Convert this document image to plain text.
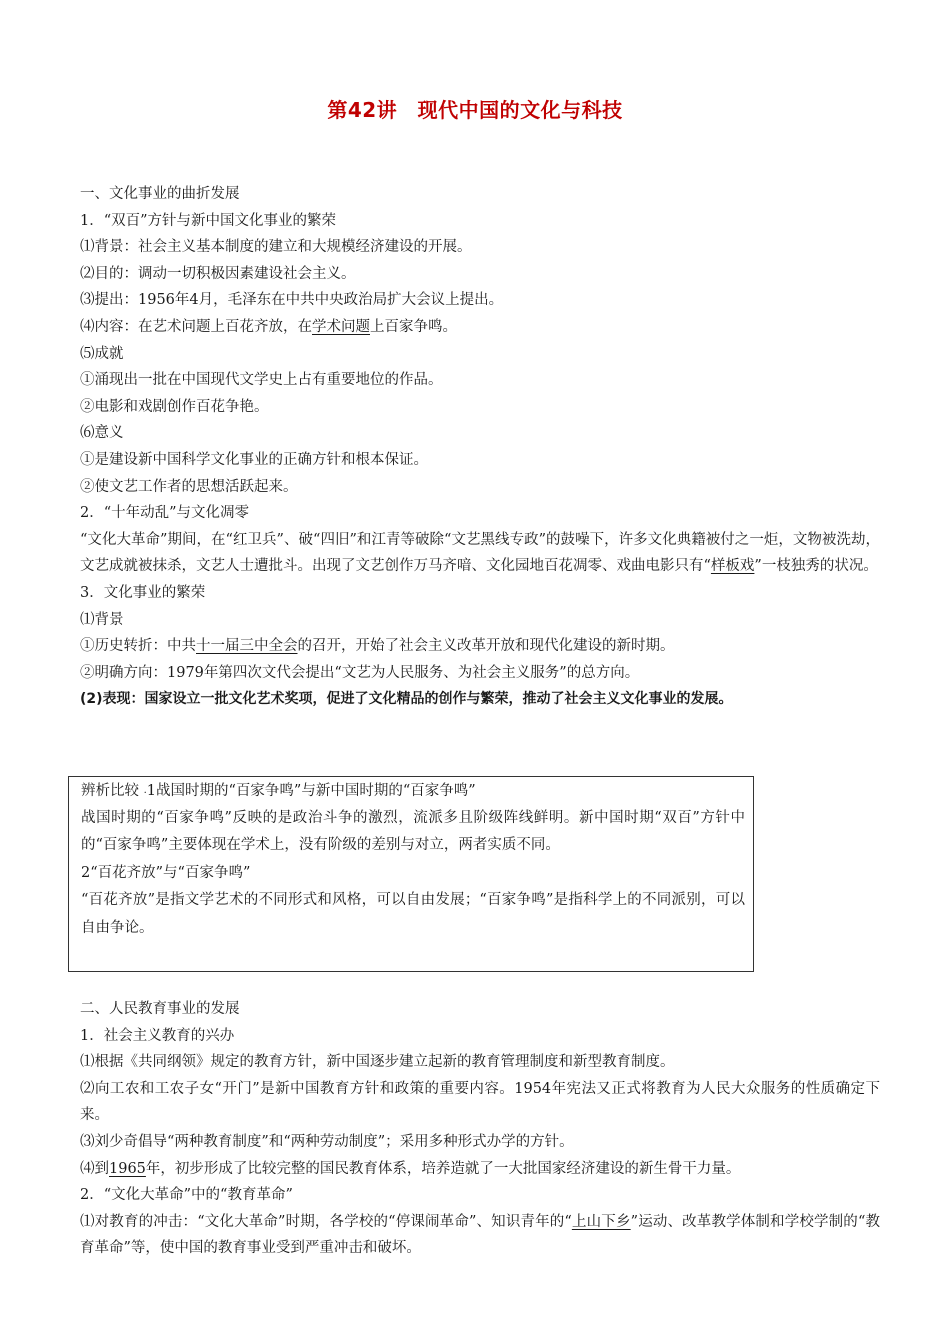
第42讲　现代中国的文化与科技
一、文化事业的曲折发展
1．“双百”方针与新中国文化事业的繁荣
⑴背景：社会主义基本制度的建立和大规模经济建设的开展。
⑵目的：调动一切积极因素建设社会主义。
⑶提出：1956年4月，毛泽东在中共中央政治局扩大会议上提出。
⑷内容：在艺术问题上百花齐放，在学术问题上百家争鸣。
⑸成就
①涌现出一批在中国现代文学史上占有重要地位的作品。
②电影和戏剧创作百花争艳。
⑹意义
①是建设新中国科学文化事业的正确方针和根本保证。
②使文艺工作者的思想活跃起来。
2．“十年动乱”与文化凋零
“文化大革命”期间，在“红卫兵”、破“四旧”和江青等破除“文艺黑线专政”的鼓噪下，许多文化典籍被付之一炬，文物被洗劫，文艺成就被抹杀，文艺人士遭批斗。出现了文艺创作万马齐喑、文化园地百花凋零、戏曲电影只有“样板戏”一枝独秀的状况。
3．文化事业的繁荣
⑴背景
①历史转折：中共十一届三中全会的召开，开始了社会主义改革开放和现代化建设的新时期。
②明确方向：1979年第四次文代会提出“文艺为人民服务、为社会主义服务”的总方向。
(2)表现：国家设立一批文化艺术奖项，促进了文化精品的创作与繁荣，推动了社会主义文化事业的发展。
辨析比较 .1战国时期的“百家争鸣”与新中国时期的“百家争鸣”
战国时期的“百家争鸣”反映的是政治斗争的激烈，流派多且阶级阵线鲜明。新中国时期“双百”方针中的“百家争鸣”主要体现在学术上，没有阶级的差别与对立，两者实质不同。
2“百花齐放”与“百家争鸣”
“百花齐放”是指文学艺术的不同形式和风格，可以自由发展；“百家争鸣”是指科学上的不同派别，可以自由争论。
二、人民教育事业的发展
1．社会主义教育的兴办
⑴根据《共同纲领》规定的教育方针，新中国逐步建立起新的教育管理制度和新型教育制度。
⑵向工农和工农子女“开门”是新中国教育方针和政策的重要内容。1954年宪法又正式将教育为人民大众服务的性质确定下来。
⑶刘少奇倡导“两种教育制度”和“两种劳动制度”；采用多种形式办学的方针。
⑷到1965年，初步形成了比较完整的国民教育体系，培养造就了一大批国家经济建设的新生骨干力量。
2．“文化大革命”中的“教育革命”
⑴对教育的冲击：“文化大革命”时期，各学校的“停课闹革命”、知识青年的“上山下乡”运动、改革教学体制和学校学制的“教育革命”等，使中国的教育事业受到严重冲击和破坏。
